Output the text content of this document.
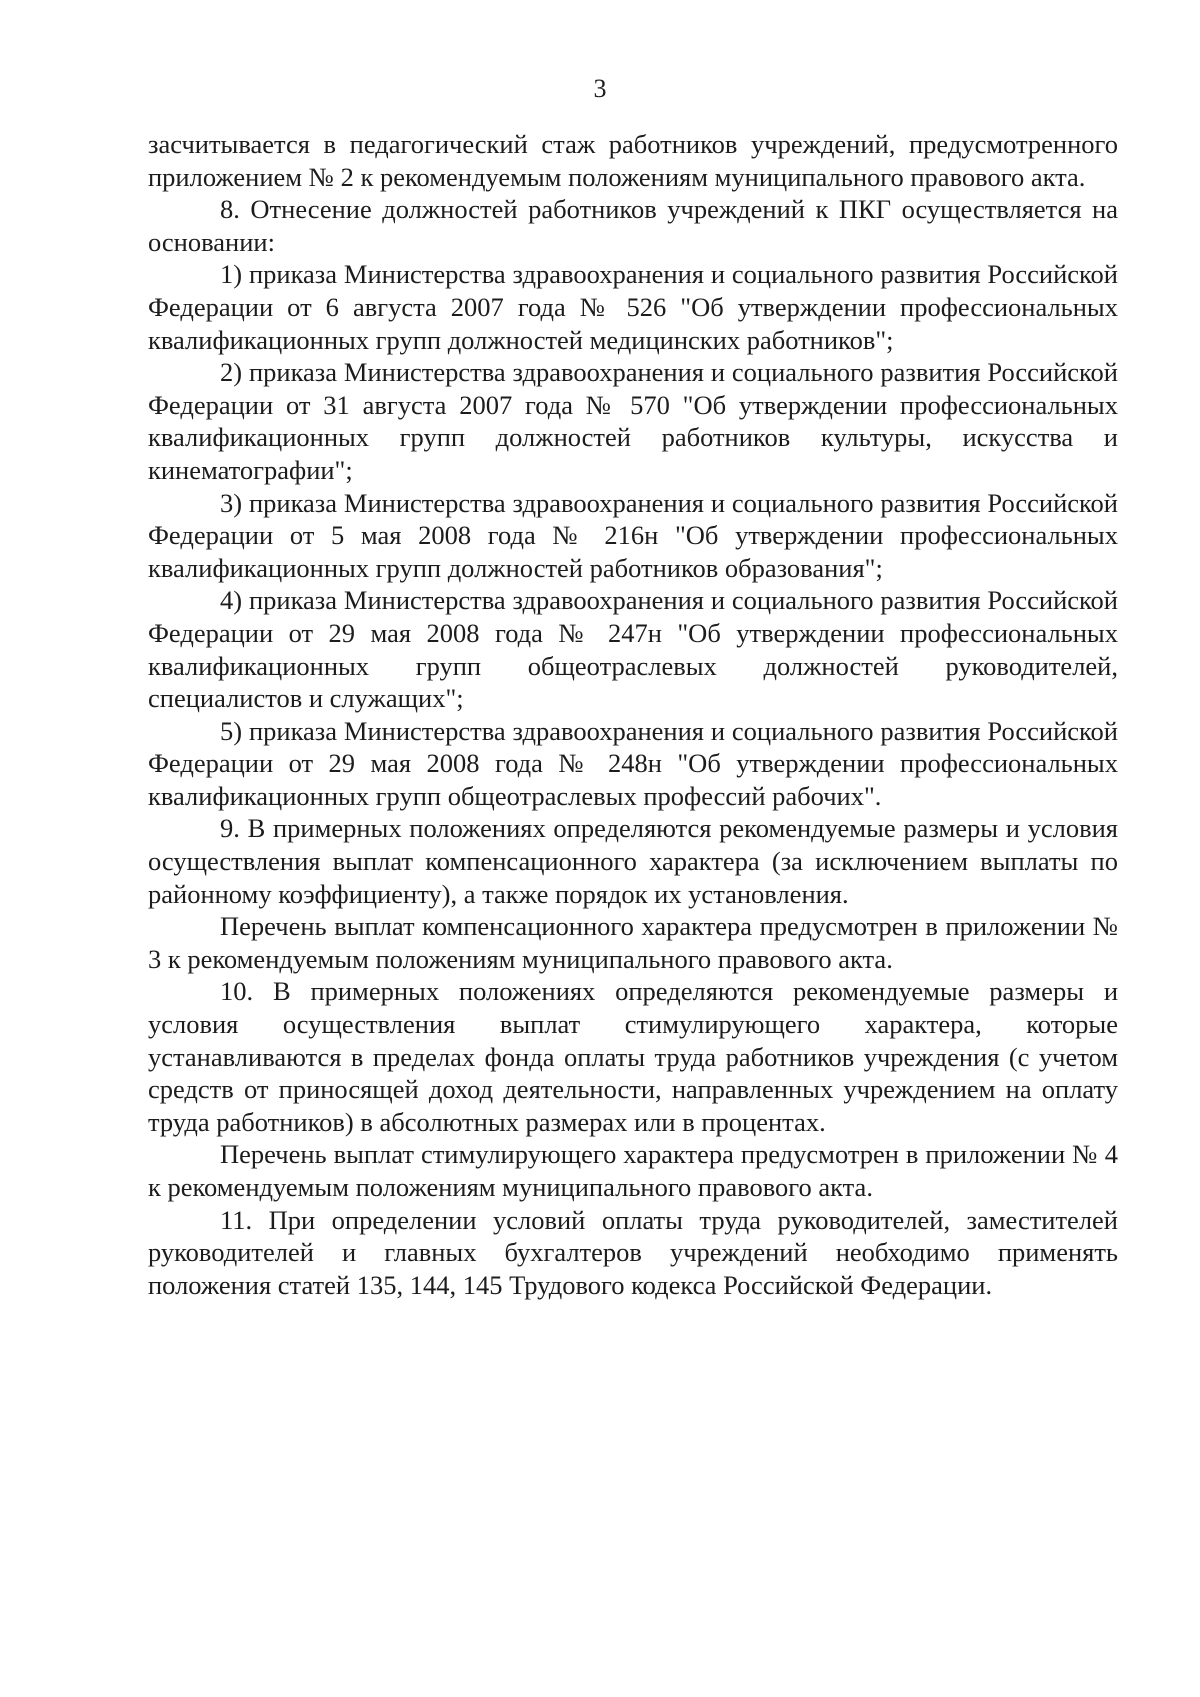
3

засчитывается в педагогический стаж работников учреждений, предусмотренного приложением № 2 к рекомендуемым положениям муниципального правового акта.

8. Отнесение должностей работников учреждений к ПКГ осуществляется на основании:

1) приказа Министерства здравоохранения и социального развития Российской Федерации от 6 августа 2007 года № 526 "Об утверждении профессиональных квалификационных групп должностей медицинских работников";

2) приказа Министерства здравоохранения и социального развития Российской Федерации от 31 августа 2007 года № 570 "Об утверждении профессиональных квалификационных групп должностей работников культуры, искусства и кинематографии";

3) приказа Министерства здравоохранения и социального развития Российской Федерации от 5 мая 2008 года № 216н "Об утверждении профессиональных квалификационных групп должностей работников образования";

4) приказа Министерства здравоохранения и социального развития Российской Федерации от 29 мая 2008 года № 247н "Об утверждении профессиональных квалификационных групп общеотраслевых должностей руководителей, специалистов и служащих";

5) приказа Министерства здравоохранения и социального развития Российской Федерации от 29 мая 2008 года № 248н "Об утверждении профессиональных квалификационных групп общеотраслевых профессий рабочих".

9. В примерных положениях определяются рекомендуемые размеры и условия осуществления выплат компенсационного характера (за исключением выплаты по районному коэффициенту), а также порядок их установления.

Перечень выплат компенсационного характера предусмотрен в приложении № 3 к рекомендуемым положениям муниципального правового акта.

10. В примерных положениях определяются рекомендуемые размеры и условия осуществления выплат стимулирующего характера, которые устанавливаются в пределах фонда оплаты труда работников учреждения (с учетом средств от приносящей доход деятельности, направленных учреждением на оплату труда работников) в абсолютных размерах или в процентах.

Перечень выплат стимулирующего характера предусмотрен в приложении № 4 к рекомендуемым положениям муниципального правового акта.

11. При определении условий оплаты труда руководителей, заместителей руководителей и главных бухгалтеров учреждений необходимо применять положения статей 135, 144, 145 Трудового кодекса Российской Федерации.
